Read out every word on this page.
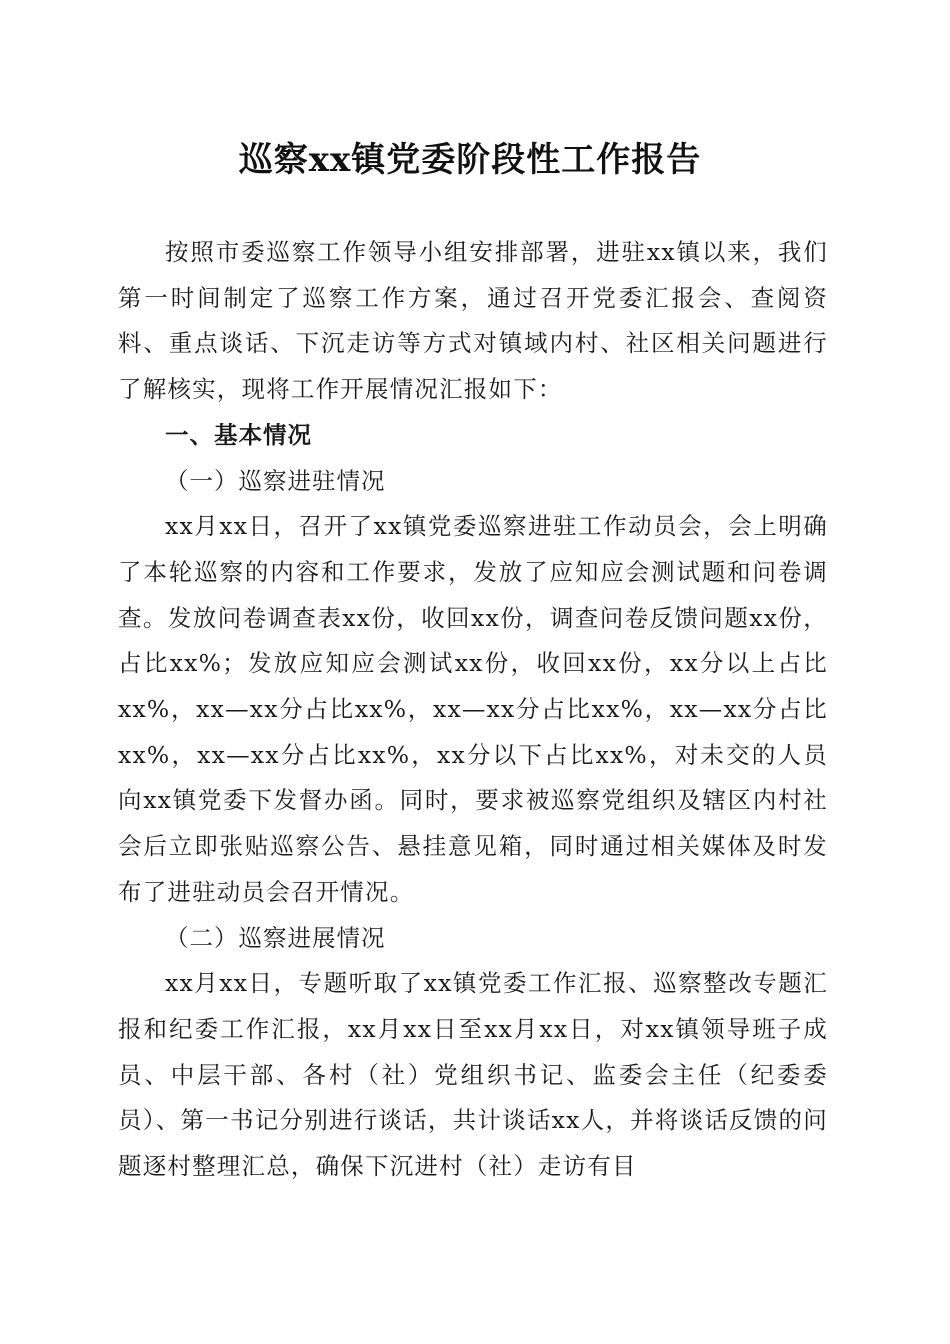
巡察xx镇党委阶段性工作报告

按照市委巡察工作领导小组安排部署，进驻xx镇以来，我们第一时间制定了巡察工作方案，通过召开党委汇报会、查阅资料、重点谈话、下沉走访等方式对镇域内村、社区相关问题进行了解核实，现将工作开展情况汇报如下：

一、基本情况

（一）巡察进驻情况

xx月xx日，召开了xx镇党委巡察进驻工作动员会，会上明确了本轮巡察的内容和工作要求，发放了应知应会测试题和问卷调查。发放问卷调查表xx份，收回xx份，调查问卷反馈问题xx份，占比xx%；发放应知应会测试xx份，收回xx份，xx分以上占比xx%，xx—xx分占比xx%，xx—xx分占比xx%，xx—xx分占比xx%，xx—xx分占比xx%，xx分以下占比xx%，对未交的人员向xx镇党委下发督办函。同时，要求被巡察党组织及辖区内村社会后立即张贴巡察公告、悬挂意见箱，同时通过相关媒体及时发布了进驻动员会召开情况。

（二）巡察进展情况

xx月xx日，专题听取了xx镇党委工作汇报、巡察整改专题汇报和纪委工作汇报，xx月xx日至xx月xx日，对xx镇领导班子成员、中层干部、各村（社）党组织书记、监委会主任（纪委委员）、第一书记分别进行谈话，共计谈话xx人，并将谈话反馈的问题逐村整理汇总，确保下沉进村（社）走访有目
